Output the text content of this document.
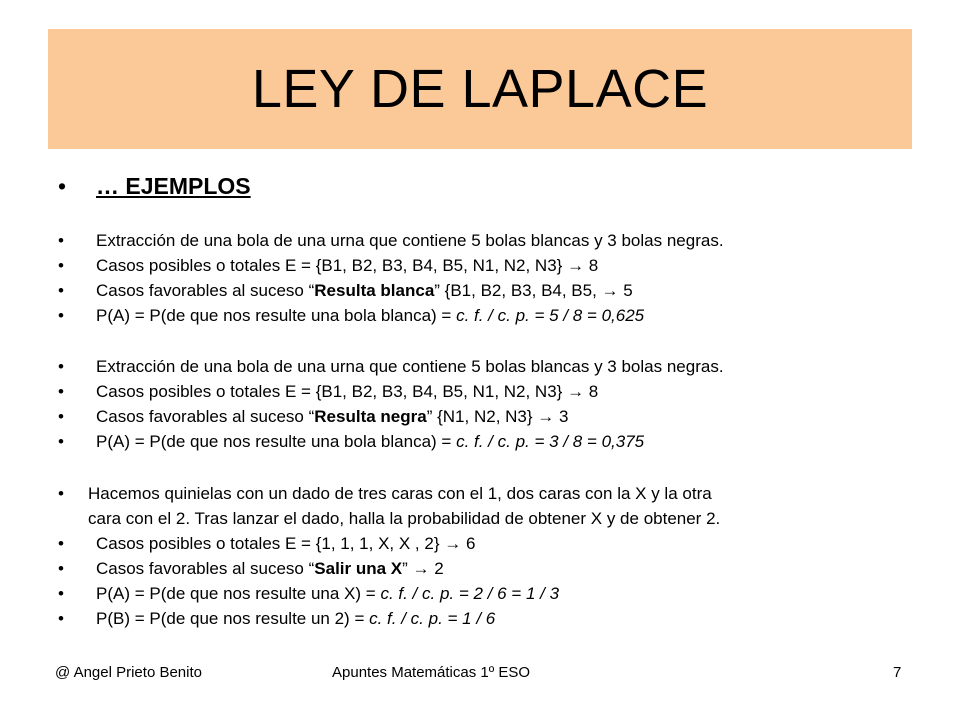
LEY DE LAPLACE
• … EJEMPLOS
• Extracción de una bola de una urna que contiene 5 bolas blancas y 3 bolas negras.
• Casos posibles o totales E = {B1, B2, B3, B4, B5, N1, N2, N3} → 8
• Casos favorables al suceso “Resulta blanca” {B1, B2, B3, B4, B5, → 5
• P(A) = P(de que nos resulte una bola blanca) = c. f. / c. p. = 5 / 8 = 0,625
• Extracción de una bola de una urna que contiene 5 bolas blancas y 3 bolas negras.
• Casos posibles o totales E = {B1, B2, B3, B4, B5, N1, N2, N3} → 8
• Casos favorables al suceso “Resulta negra” {N1, N2, N3} → 3
• P(A) = P(de que nos resulte una bola blanca) = c. f. / c. p. = 3 / 8 = 0,375
• Hacemos quinielas con un dado de tres caras con el 1, dos caras con la X y la otra
cara con el 2. Tras lanzar el dado, halla la probabilidad de obtener X y de obtener 2.
• Casos posibles o totales E = {1, 1, 1, X, X , 2} → 6
• Casos favorables al suceso “Salir una X” → 2
• P(A) = P(de que nos resulte una X) = c. f. / c. p. = 2 / 6 = 1 / 3
• P(B) = P(de que nos resulte un 2) = c. f. / c. p. = 1 / 6
@ Angel Prieto Benito	Apuntes Matemáticas 1º ESO	7
